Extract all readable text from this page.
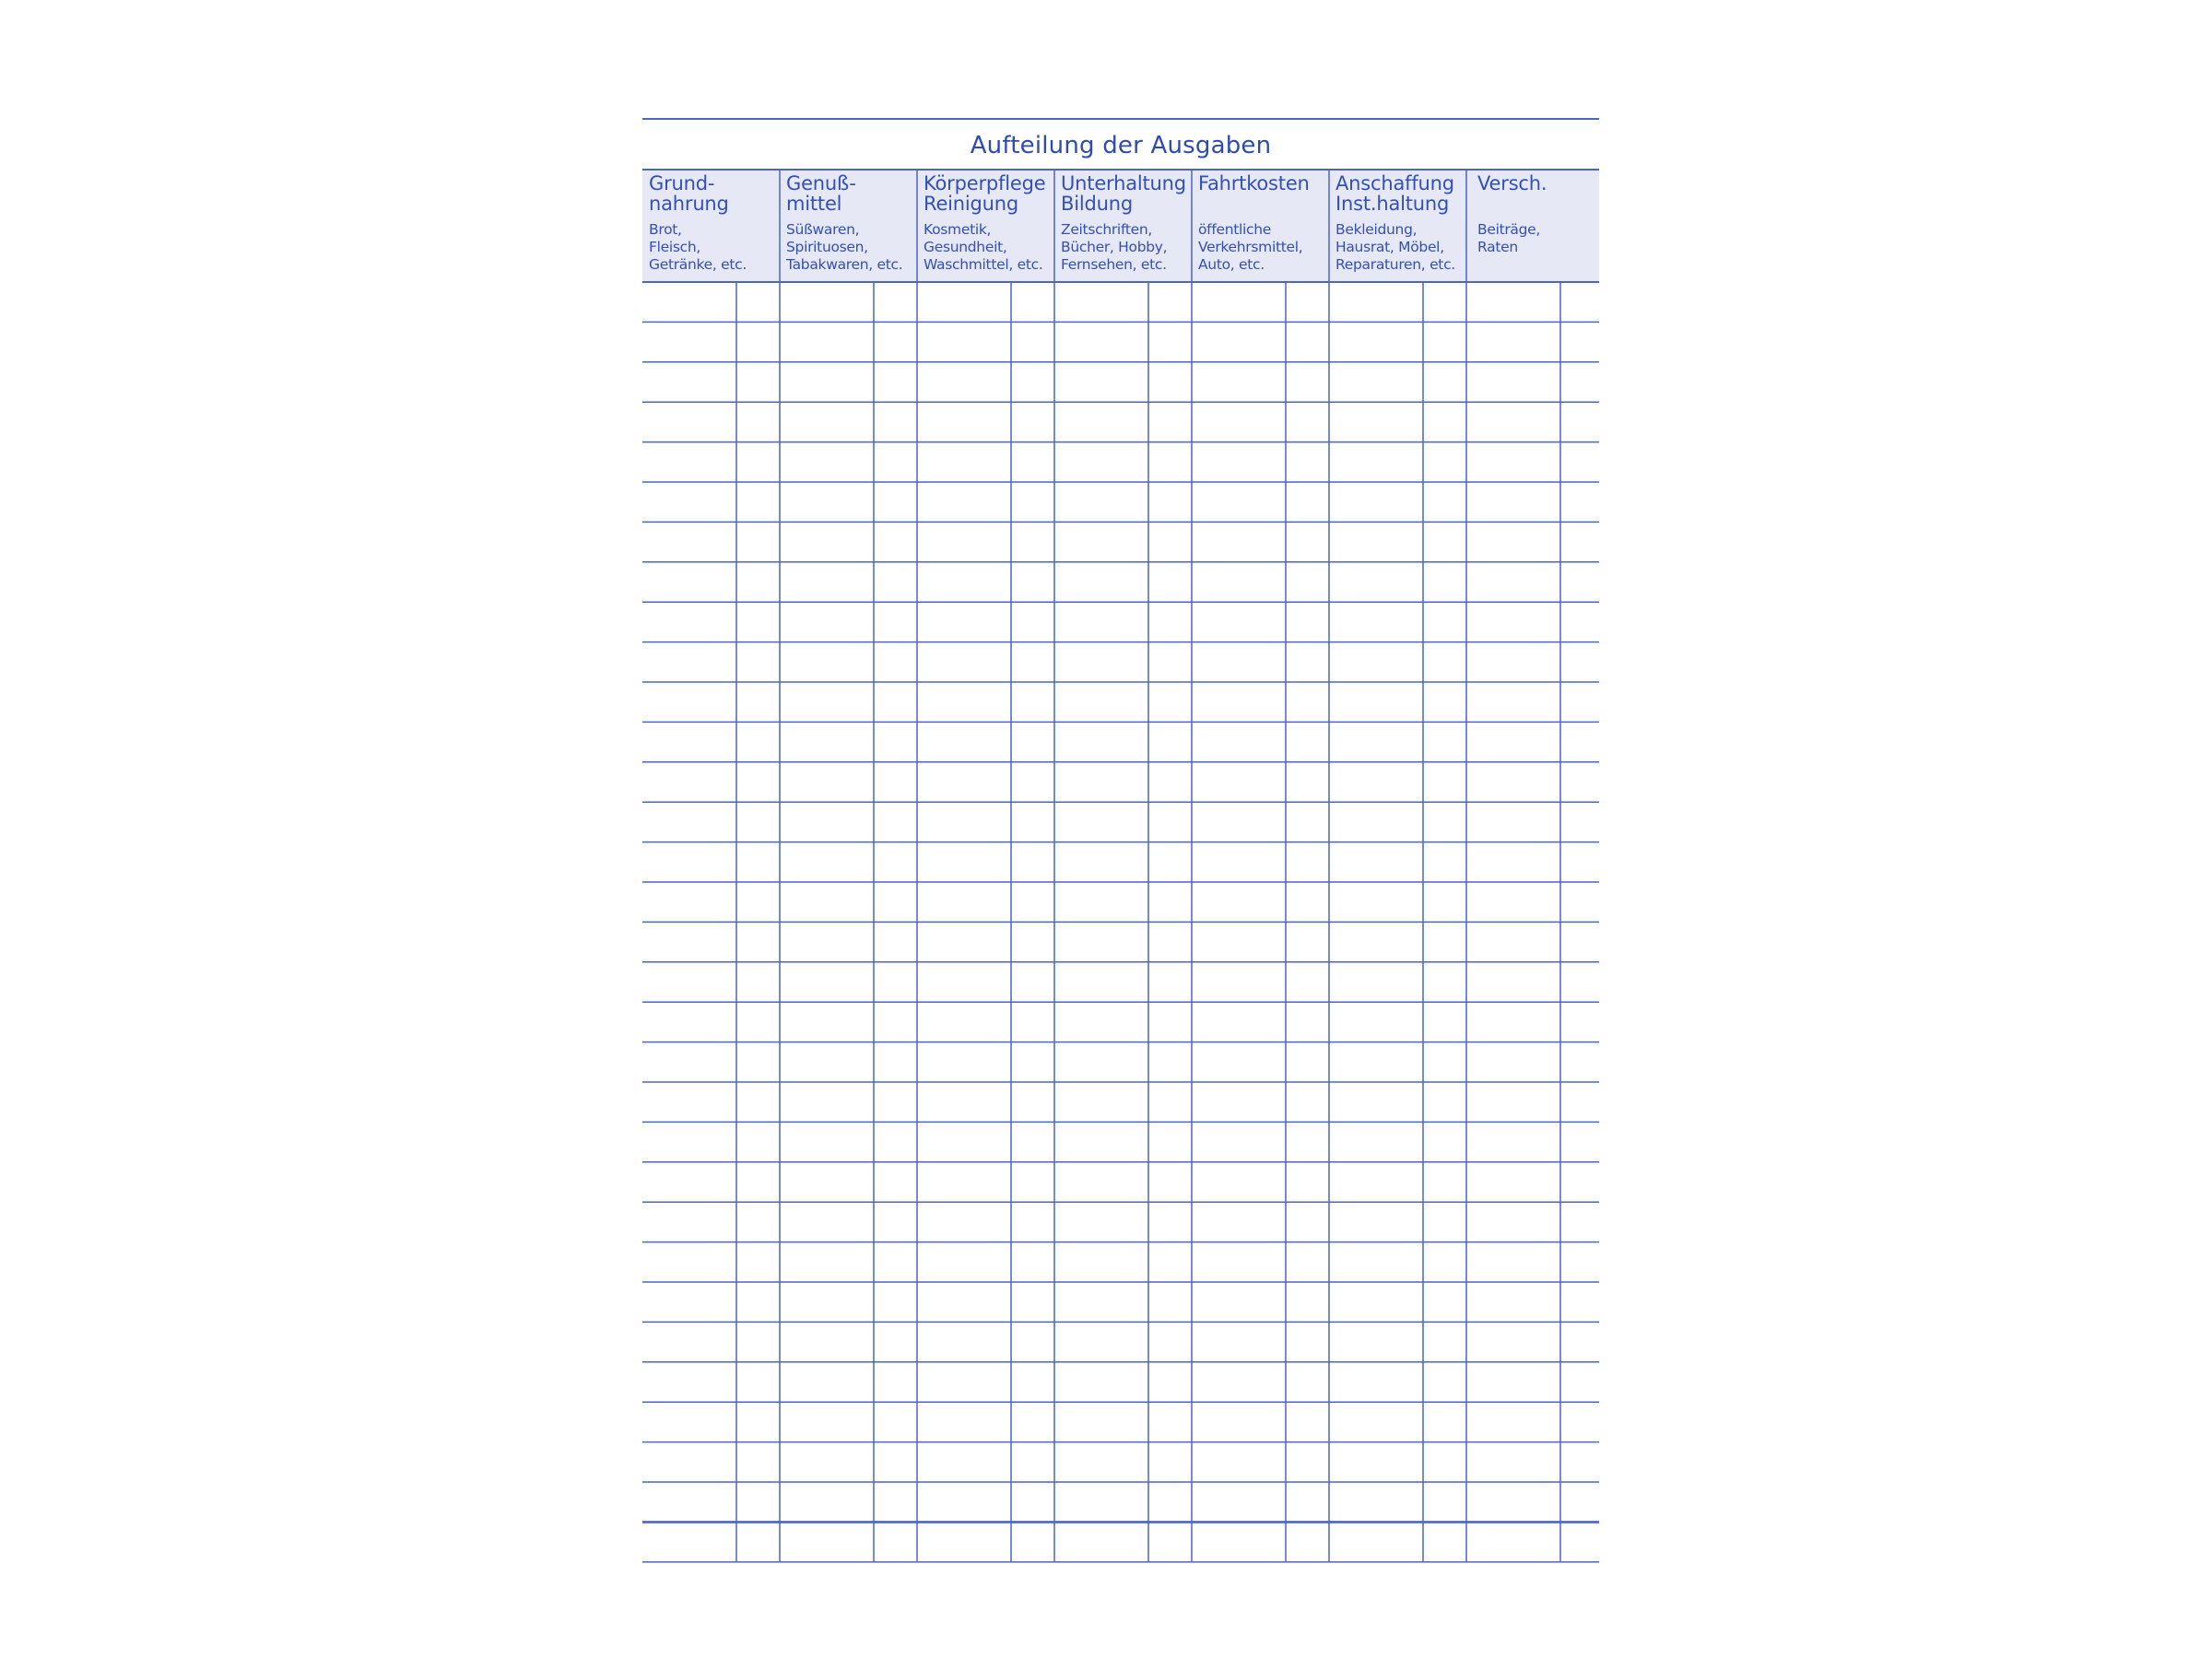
Aufteilung der Ausgaben
Grund-
nahrung
Brot,
Fleisch,
Getränke, etc.
Genuß-
mittel
Süßwaren,
Spirituosen,
Tabakwaren, etc.
Körperpflege
Reinigung
Kosmetik,
Gesundheit,
Waschmittel, etc.
Unterhaltung
Bildung
Zeitschriften,
Bücher, Hobby,
Fernsehen, etc.
Fahrtkosten
öffentliche
Verkehrsmittel,
Auto, etc.
Anschaffung
Inst.haltung
Bekleidung,
Hausrat, Möbel,
Reparaturen, etc.
Versch.
Beiträge,
Raten
